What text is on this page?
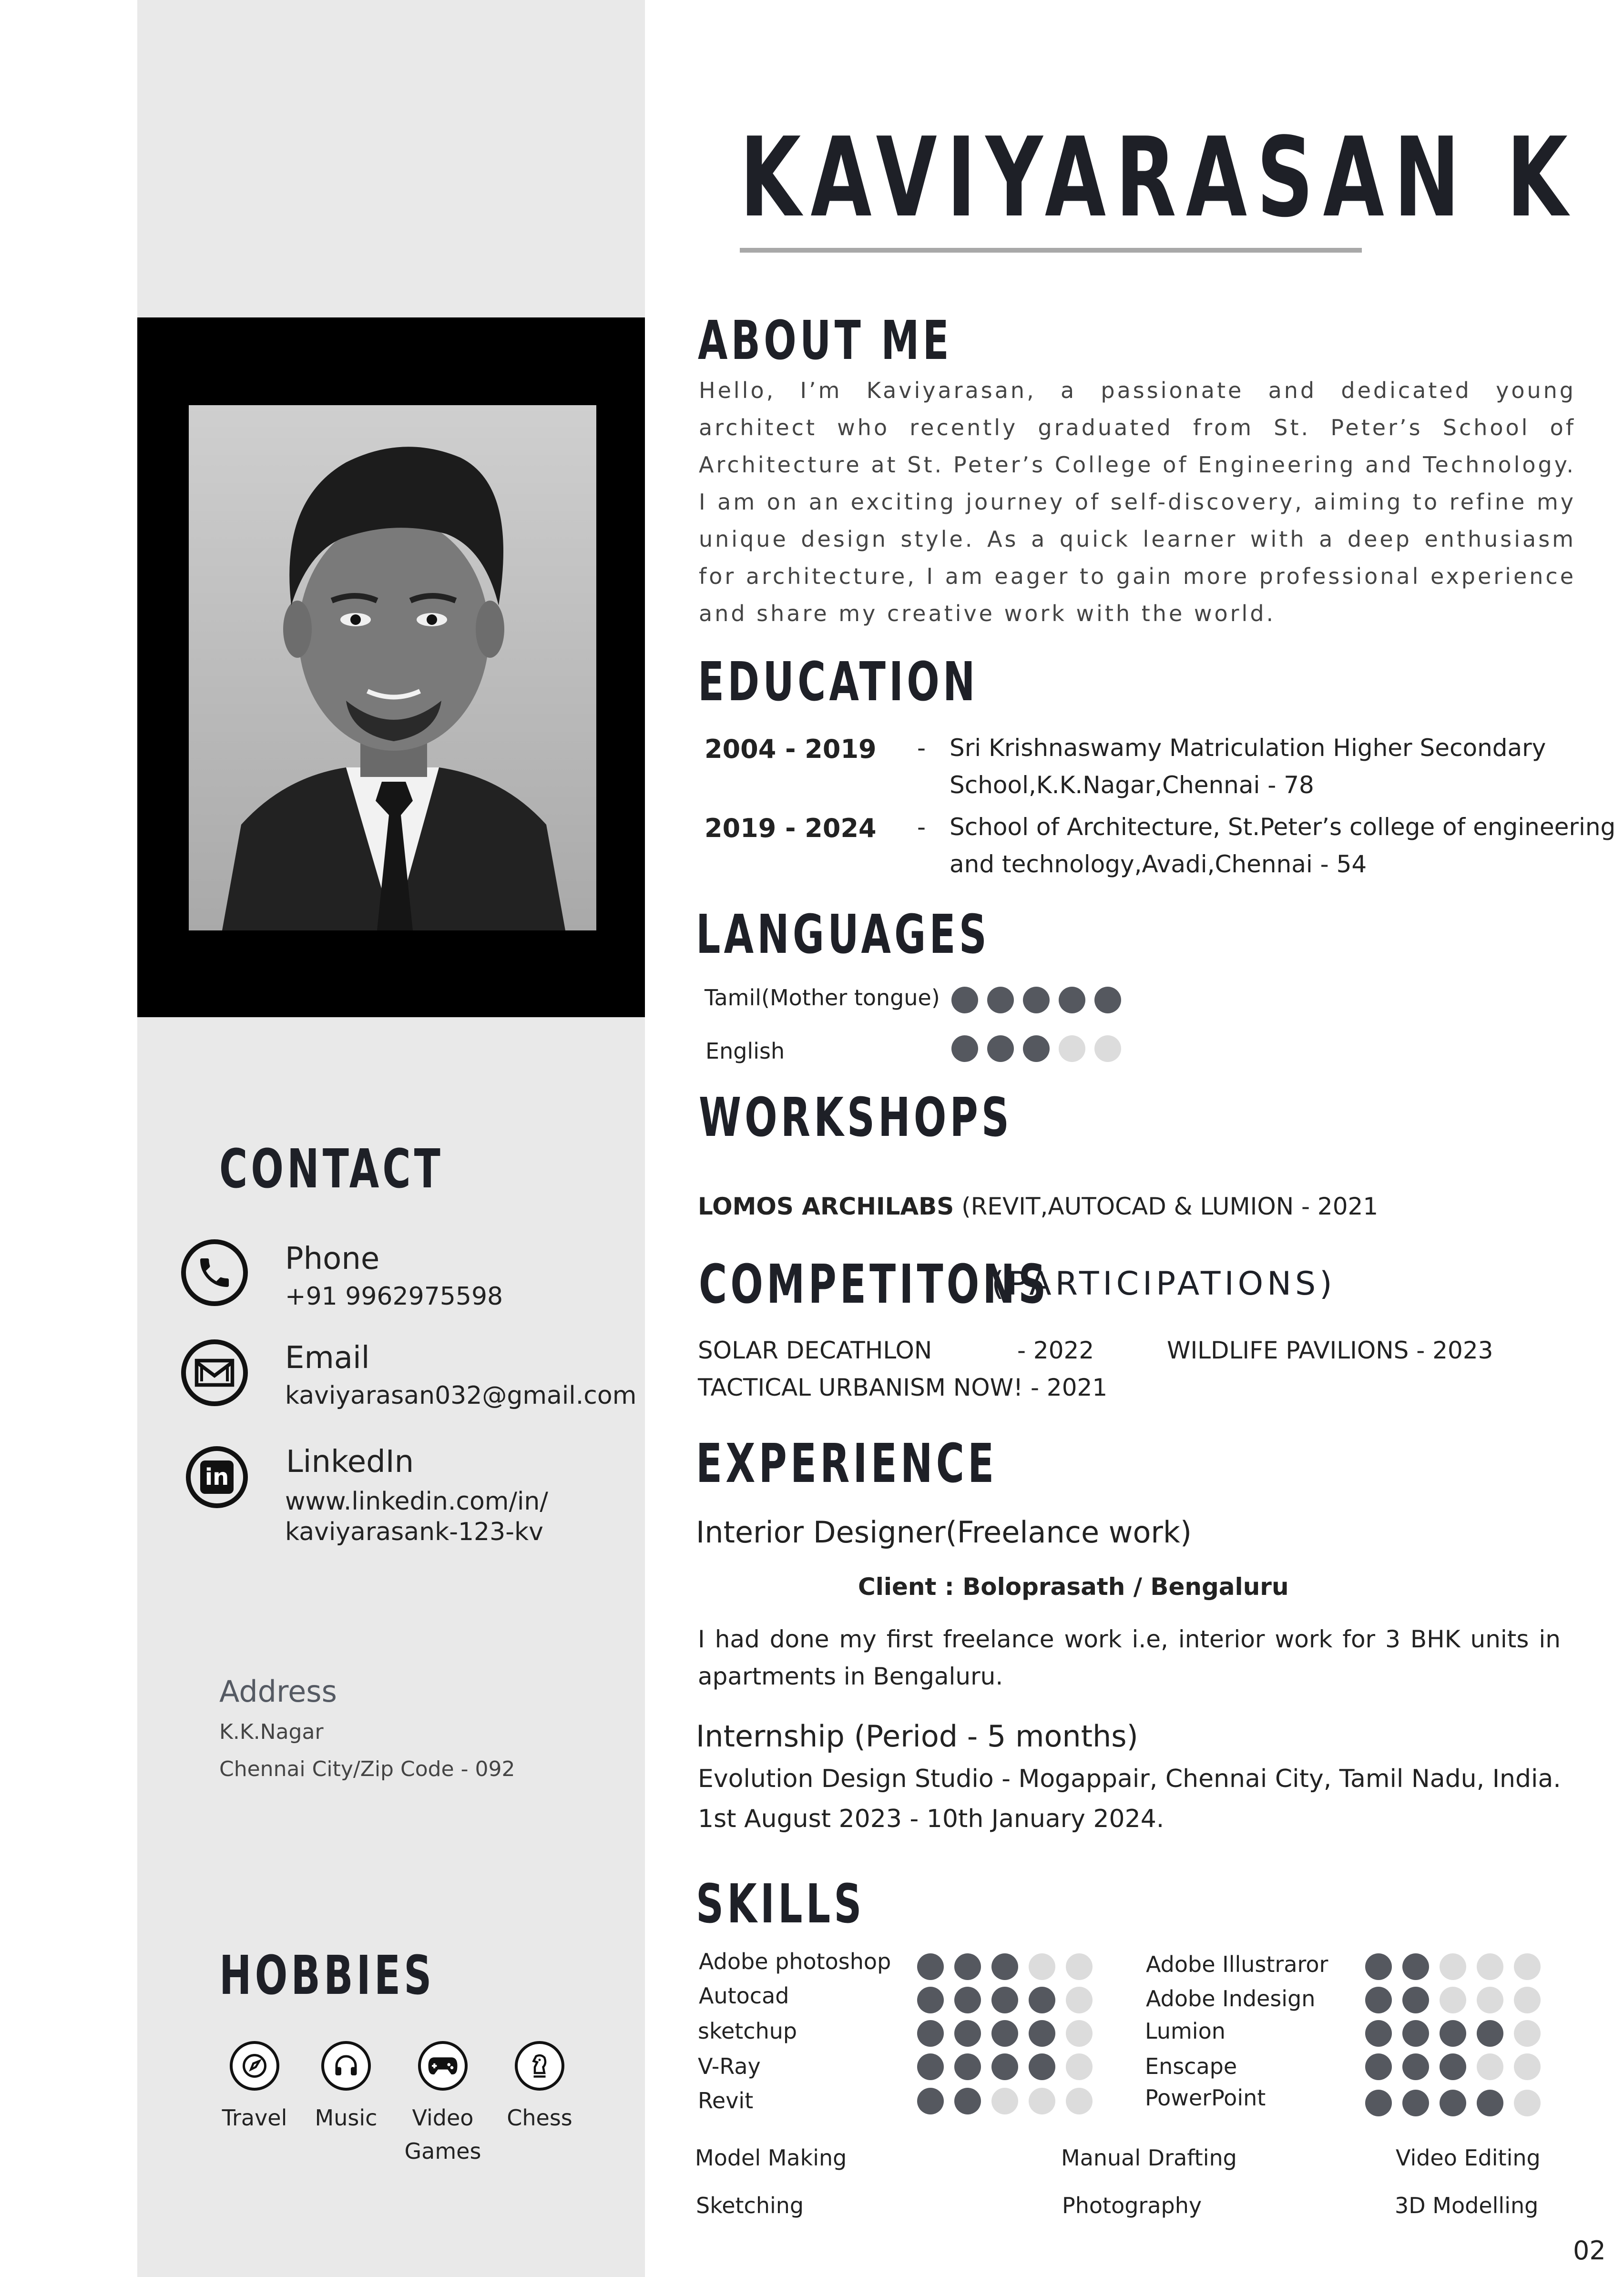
CONTACT
Phone
+91 9962975598
Email
kaviyarasan032@gmail.com
in LinkedIn
www.linkedin.com/in/
kaviyarasank-123-kv
Address
K.K.Nagar
Chennai City/Zip Code - 092
HOBBIES
Travel Music Video
Games
Chess
KAVIYARASAN K
ABOUT ME
Hello, I’m Kaviyarasan, a passionate and dedicated young architect who recently graduated from St. Peter’s School of Architecture at St. Peter’s College of Engineering and Technology. I am on an exciting journey of self-discovery, aiming to refine my unique design style. As a quick learner with a deep enthusiasm for architecture, I am eager to gain more professional experience and share my creative work with the world.
EDUCATION
2004 - 2019 - Sri Krishnaswamy Matriculation Higher Secondary
School,K.K.Nagar,Chennai - 78
2019 - 2024 - School of Architecture, St.Peter’s college of engineering
and technology,Avadi,Chennai - 54
LANGUAGES
Tamil(Mother tongue)
English
WORKSHOPS
LOMOS ARCHILABS (REVIT,AUTOCAD & LUMION - 2021
COMPETITONS
(PARTICIPATIONS)
SOLAR DECATHLON	- 2022	WILDLIFE PAVILIONS - 2023
TACTICAL URBANISM NOW! - 2021
EXPERIENCE
Interior Designer(Freelance work)
Client : Boloprasath / Bengaluru
I had done my first freelance work i.e, interior work for 3 BHK units in apartments in Bengaluru.
Internship (Period - 5 months)
Evolution Design Studio - Mogappair, Chennai City, Tamil Nadu, India.
1st August 2023 - 10th January 2024.
SKILLS
Adobe photoshop
Autocad
sketchup
V-Ray
Revit
Adobe Illustraror
Adobe Indesign
Lumion
Enscape
PowerPoint
Model Making	Manual Drafting	Video Editing
Sketching	Photography	3D Modelling
02
